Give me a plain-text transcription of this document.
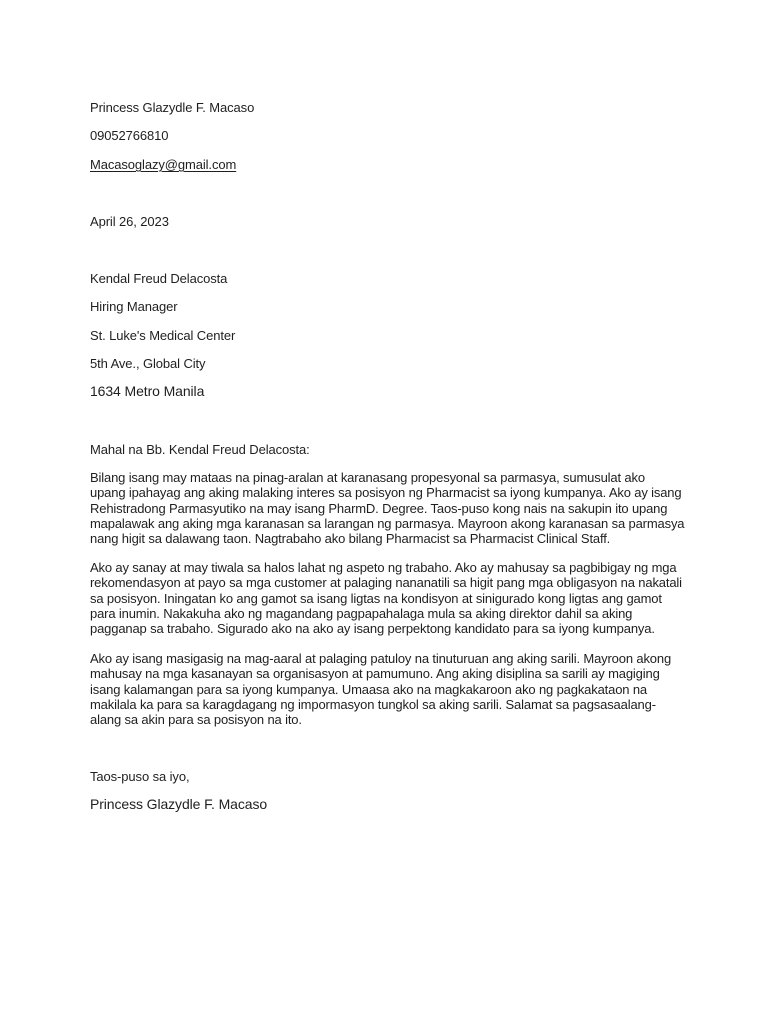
Princess Glazydle F. Macaso
09052766810
Macasoglazy@gmail.com
April 26, 2023
Kendal Freud Delacosta
Hiring Manager
St. Luke's Medical Center
5th Ave., Global City
1634 Metro Manila
Mahal na Bb. Kendal Freud Delacosta:
Bilang isang may mataas na pinag-aralan at karanasang propesyonal sa parmasya, sumusulat ako
upang ipahayag ang aking malaking interes sa posisyon ng Pharmacist sa iyong kumpanya. Ako ay isang
Rehistradong Parmasyutiko na may isang PharmD. Degree. Taos-puso kong nais na sakupin ito upang
mapalawak ang aking mga karanasan sa larangan ng parmasya. Mayroon akong karanasan sa parmasya
nang higit sa dalawang taon. Nagtrabaho ako bilang Pharmacist sa Pharmacist Clinical Staff.
Ako ay sanay at may tiwala sa halos lahat ng aspeto ng trabaho. Ako ay mahusay sa pagbibigay ng mga
rekomendasyon at payo sa mga customer at palaging nananatili sa higit pang mga obligasyon na nakatali
sa posisyon. Iningatan ko ang gamot sa isang ligtas na kondisyon at sinigurado kong ligtas ang gamot
para inumin. Nakakuha ako ng magandang pagpapahalaga mula sa aking direktor dahil sa aking
pagganap sa trabaho. Sigurado ako na ako ay isang perpektong kandidato para sa iyong kumpanya.
Ako ay isang masigasig na mag-aaral at palaging patuloy na tinuturuan ang aking sarili. Mayroon akong
mahusay na mga kasanayan sa organisasyon at pamumuno. Ang aking disiplina sa sarili ay magiging
isang kalamangan para sa iyong kumpanya. Umaasa ako na magkakaroon ako ng pagkakataon na
makilala ka para sa karagdagang ng impormasyon tungkol sa aking sarili. Salamat sa pagsasaalang-
alang sa akin para sa posisyon na ito.
Taos-puso sa iyo,
Princess Glazydle F. Macaso
